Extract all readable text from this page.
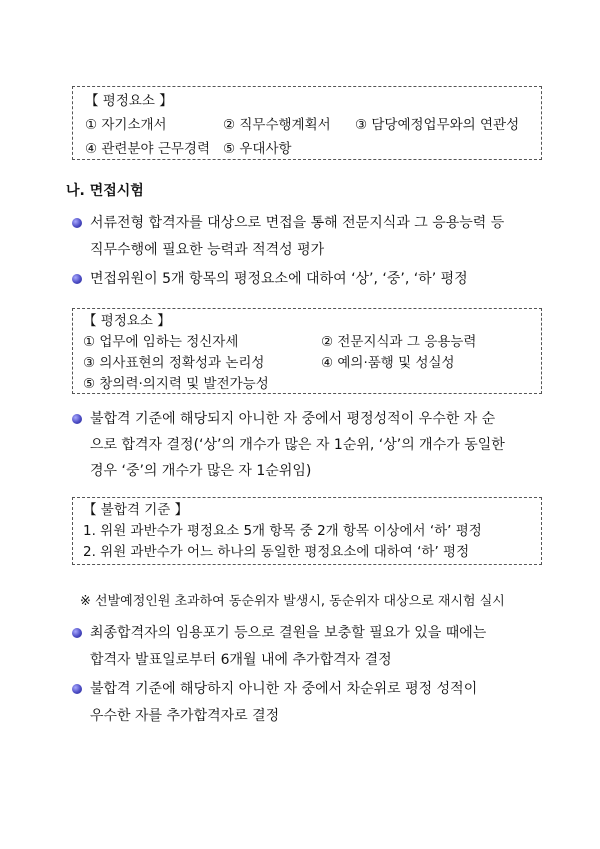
【 평정요소 】
① 자기소개서	② 직무수행계획서	③ 담당예정업무와의 연관성
④ 관련분야 근무경력 ⑤ 우대사항
나. 면접시험
서류전형 합격자를 대상으로 면접을 통해 전문지식과 그 응용능력 등
직무수행에 필요한 능력과 적격성 평가
면접위원이 5개 항목의 평정요소에 대하여 ‘상’, ‘중’, ‘하’ 평정
【 평정요소 】
① 업무에 임하는 정신자세	② 전문지식과 그 응용능력
③ 의사표현의 정확성과 논리성	④ 예의·품행 및 성실성
⑤ 창의력·의지력 및 발전가능성
불합격 기준에 해당되지 아니한 자 중에서 평정성적이 우수한 자 순
으로 합격자 결정(‘상’의 개수가 많은 자 1순위, ‘상’의 개수가 동일한
경우 ‘중’의 개수가 많은 자 1순위임)
【 불합격 기준 】
1. 위원 과반수가 평정요소 5개 항목 중 2개 항목 이상에서 ‘하’ 평정
2. 위원 과반수가 어느 하나의 동일한 평정요소에 대하여 ‘하’ 평정
※ 선발예정인원 초과하여 동순위자 발생시, 동순위자 대상으로 재시험 실시
최종합격자의 임용포기 등으로 결원을 보충할 필요가 있을 때에는
합격자 발표일로부터 6개월 내에 추가합격자 결정
불합격 기준에 해당하지 아니한 자 중에서 차순위로 평정 성적이
우수한 자를 추가합격자로 결정
